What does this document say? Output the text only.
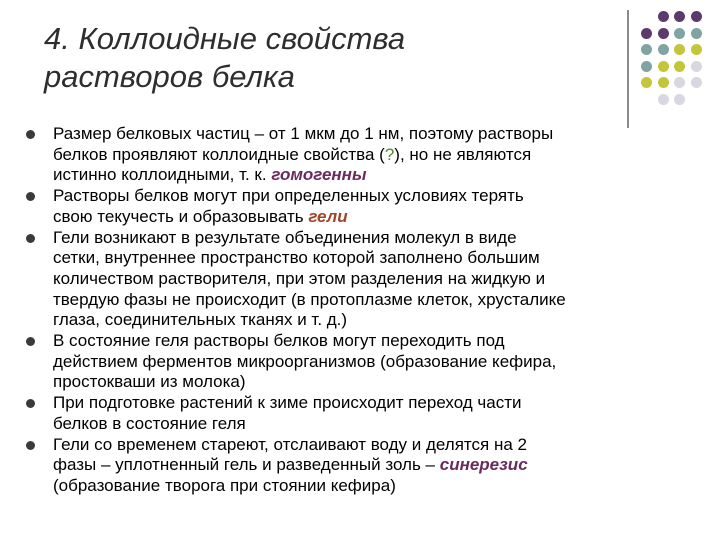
4. Коллоидные свойства
растворов белка
Размер белковых частиц – от 1 мкм до 1 нм, поэтому растворы
белков проявляют коллоидные свойства (?), но не являются
истинно коллоидными, т. к. гомогенны
Растворы белков могут при определенных условиях терять
свою текучесть и образовывать гели
Гели возникают в результате объединения молекул в виде
сетки, внутреннее пространство которой заполнено большим
количеством растворителя, при этом разделения на жидкую и
твердую фазы не происходит (в протоплазме клеток, хрусталике
глаза, соединительных тканях и т. д.)
В состояние геля растворы белков могут переходить под
действием ферментов микроорганизмов (образование кефира,
простокваши из молока)
При подготовке растений к зиме происходит переход части
белков в состояние геля
Гели со временем стареют, отслаивают воду и делятся на 2
фазы – уплотненный гель и разведенный золь – синерезис
(образование творога при стоянии кефира)
